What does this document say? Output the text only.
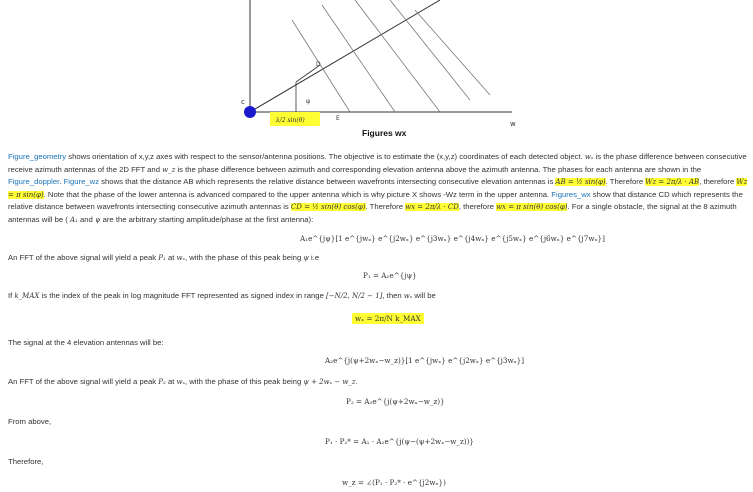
c
D
φ
E
w
λ/2 sin(θ)
Figures wx
Figure_geometry shows orientation of x,y,z axes with respect to the sensor/antenna positions. The objective is to estimate the (x,y,z) coordinates of each detected object. wₓ is the phase difference between consecutive receive azimuth antennas of the 2D FFT and w_z is the phase difference between azimuth and corresponding elevation antenna above the azimuth antenna. The phases for each antenna are shown in the Figure_doppler. Figure_wz shows that the distance AB which represents the relative distance between wavefronts intersecting consecutive elevation antennas is AB = ½ sin(φ). Therefore Wz = 2π/λ · AB, therefore Wz = π sin(φ). Note that the phase of the lower antenna is advanced compared to the upper antenna which is why picture X shows -Wz term in the upper antenna. Figures_wx show that distance CD which represents the relative distance between wavefronts intersecting consecutive azimuth antennas is CD = ½ sin(θ) cos(φ). Therefore wx = 2π/λ · CD, therefore wx = π sin(θ) cos(φ). For a single obstacle, the signal at the 8 azimuth antennas will be ( A₁ and ψ are the arbitrary starting amplitude/phase at the first antenna):
A₁e^{jψ}[1 e^{jwₓ} e^{j2wₓ} e^{j3wₓ} e^{j4wₓ} e^{j5wₓ} e^{j6wₓ} e^{j7wₓ}]
An FFT of the above signal will yield a peak P₁ at wₓ, with the phase of this peak being ψ i.e
P₁ = A₁e^{jψ}
If k_MAX is the index of the peak in log magnitude FFT represented as signed index in range [−N/2, N/2 − 1], then wₓ will be
wₓ = 2π/N k_MAX
The signal at the 4 elevation antennas will be:
A₂e^{j(ψ+2wₓ−w_z)}[1 e^{jwₓ} e^{j2wₓ} e^{j3wₓ}]
An FFT of the above signal will yield a peak P₂ at wₓ, with the phase of this peak being ψ + 2wₓ − w_z.
P₂ = A₂e^{j(ψ+2wₓ−w_z)}
From above,
P₁ · P₂* = A₁ · A₂e^{j(ψ−(ψ+2wₓ−w_z))}
Therefore,
w_z = ∠(P₁ · P₂* · e^{j2wₓ})
